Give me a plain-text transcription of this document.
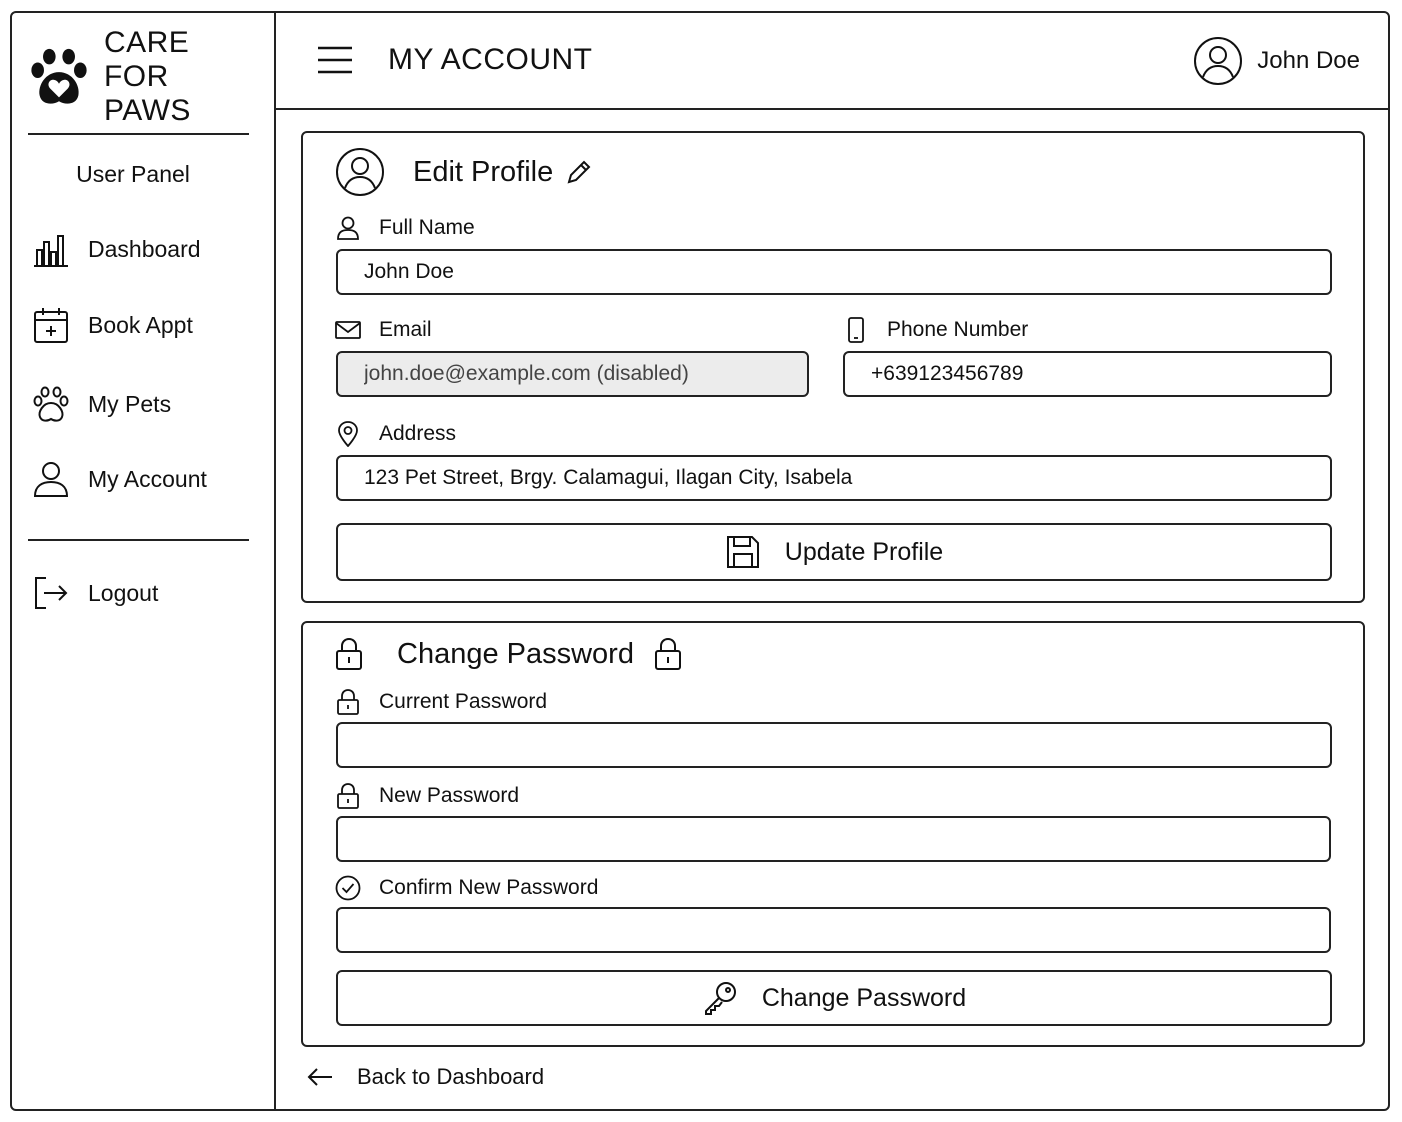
CARE FOR
PAWS
User Panel
Dashboard
Book Appt
My Pets
My Account
Logout
MY ACCOUNT	John Doe
Edit Profile
Full Name
John Doe
Email
john.doe@example.com (disabled)	Phone Number
+639123456789
Address
123 Pet Street, Brgy. Calamagui, Ilagan City, Isabela
Update Profile
Change Password
Current Password
New Password
Confirm New Password
Change Password
Back to Dashboard
